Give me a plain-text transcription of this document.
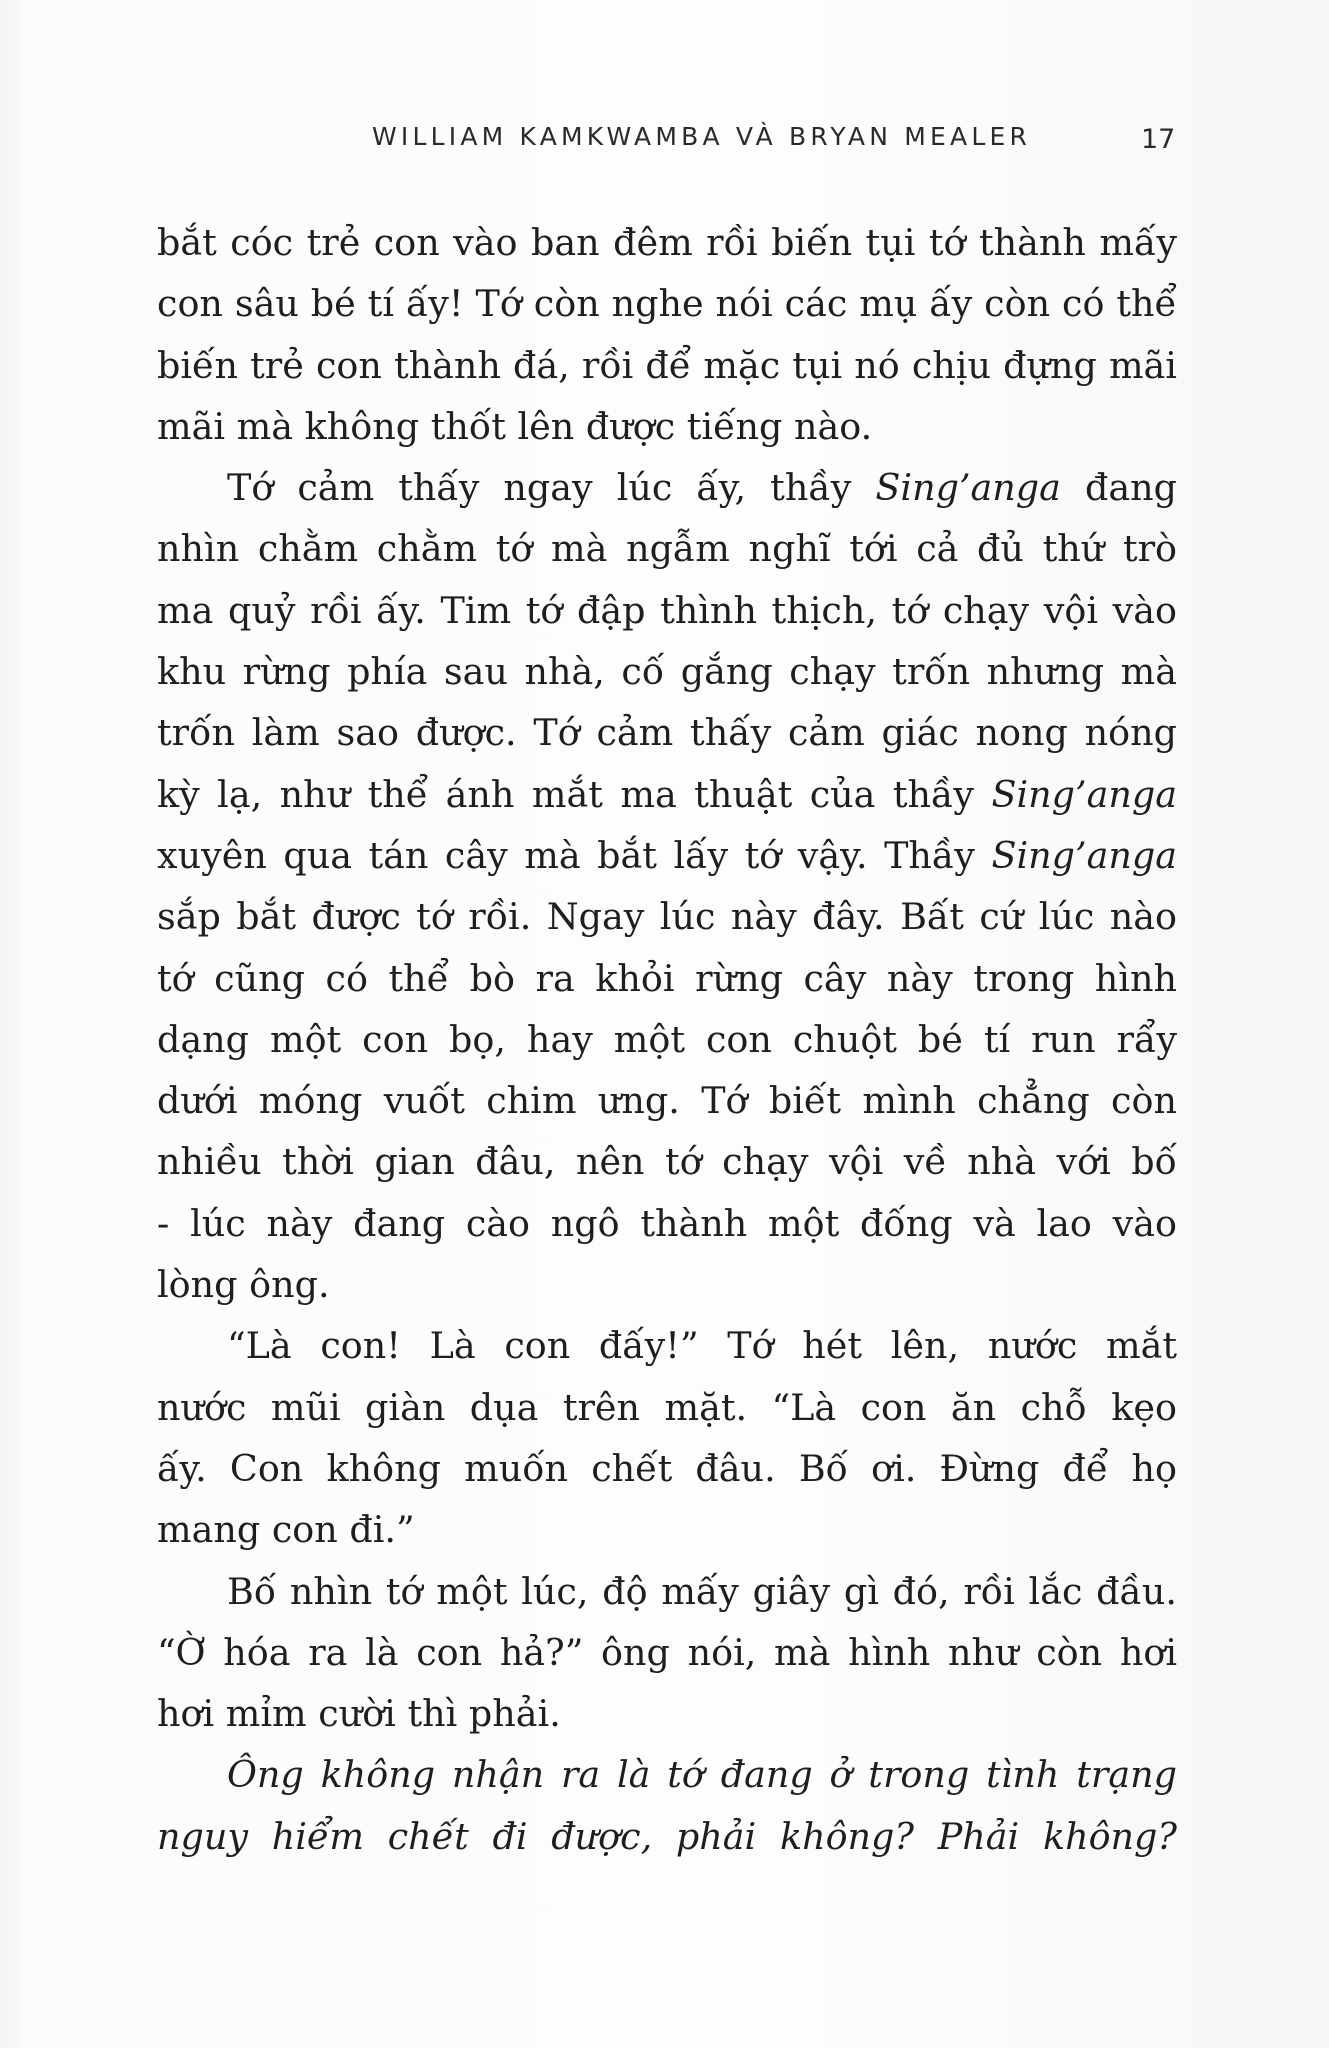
WILLIAM KAMKWAMBA VÀ BRYAN MEALER	17
bắt cóc trẻ con vào ban đêm rồi biến tụi tớ thành mấy
con sâu bé tí ấy! Tớ còn nghe nói các mụ ấy còn có thể
biến trẻ con thành đá, rồi để mặc tụi nó chịu đựng mãi
mãi mà không thốt lên được tiếng nào.
Tớ cảm thấy ngay lúc ấy, thầy Sing’anga đang
nhìn chằm chằm tớ mà ngẫm nghĩ tới cả đủ thứ trò
ma quỷ rồi ấy. Tim tớ đập thình thịch, tớ chạy vội vào
khu rừng phía sau nhà, cố gắng chạy trốn nhưng mà
trốn làm sao được. Tớ cảm thấy cảm giác nong nóng
kỳ lạ, như thể ánh mắt ma thuật của thầy Sing’anga
xuyên qua tán cây mà bắt lấy tớ vậy. Thầy Sing’anga
sắp bắt được tớ rồi. Ngay lúc này đây. Bất cứ lúc nào
tớ cũng có thể bò ra khỏi rừng cây này trong hình
dạng một con bọ, hay một con chuột bé tí run rẩy
dưới móng vuốt chim ưng. Tớ biết mình chẳng còn
nhiều thời gian đâu, nên tớ chạy vội về nhà với bố
- lúc này đang cào ngô thành một đống và lao vào
lòng ông.
“Là con! Là con đấy!” Tớ hét lên, nước mắt
nước mũi giàn dụa trên mặt. “Là con ăn chỗ kẹo
ấy. Con không muốn chết đâu. Bố ơi. Đừng để họ
mang con đi.”
Bố nhìn tớ một lúc, độ mấy giây gì đó, rồi lắc đầu.
“Ờ hóa ra là con hả?” ông nói, mà hình như còn hơi
hơi mỉm cười thì phải.
Ông không nhận ra là tớ đang ở trong tình trạng
nguy hiểm chết đi được, phải không? Phải không?
